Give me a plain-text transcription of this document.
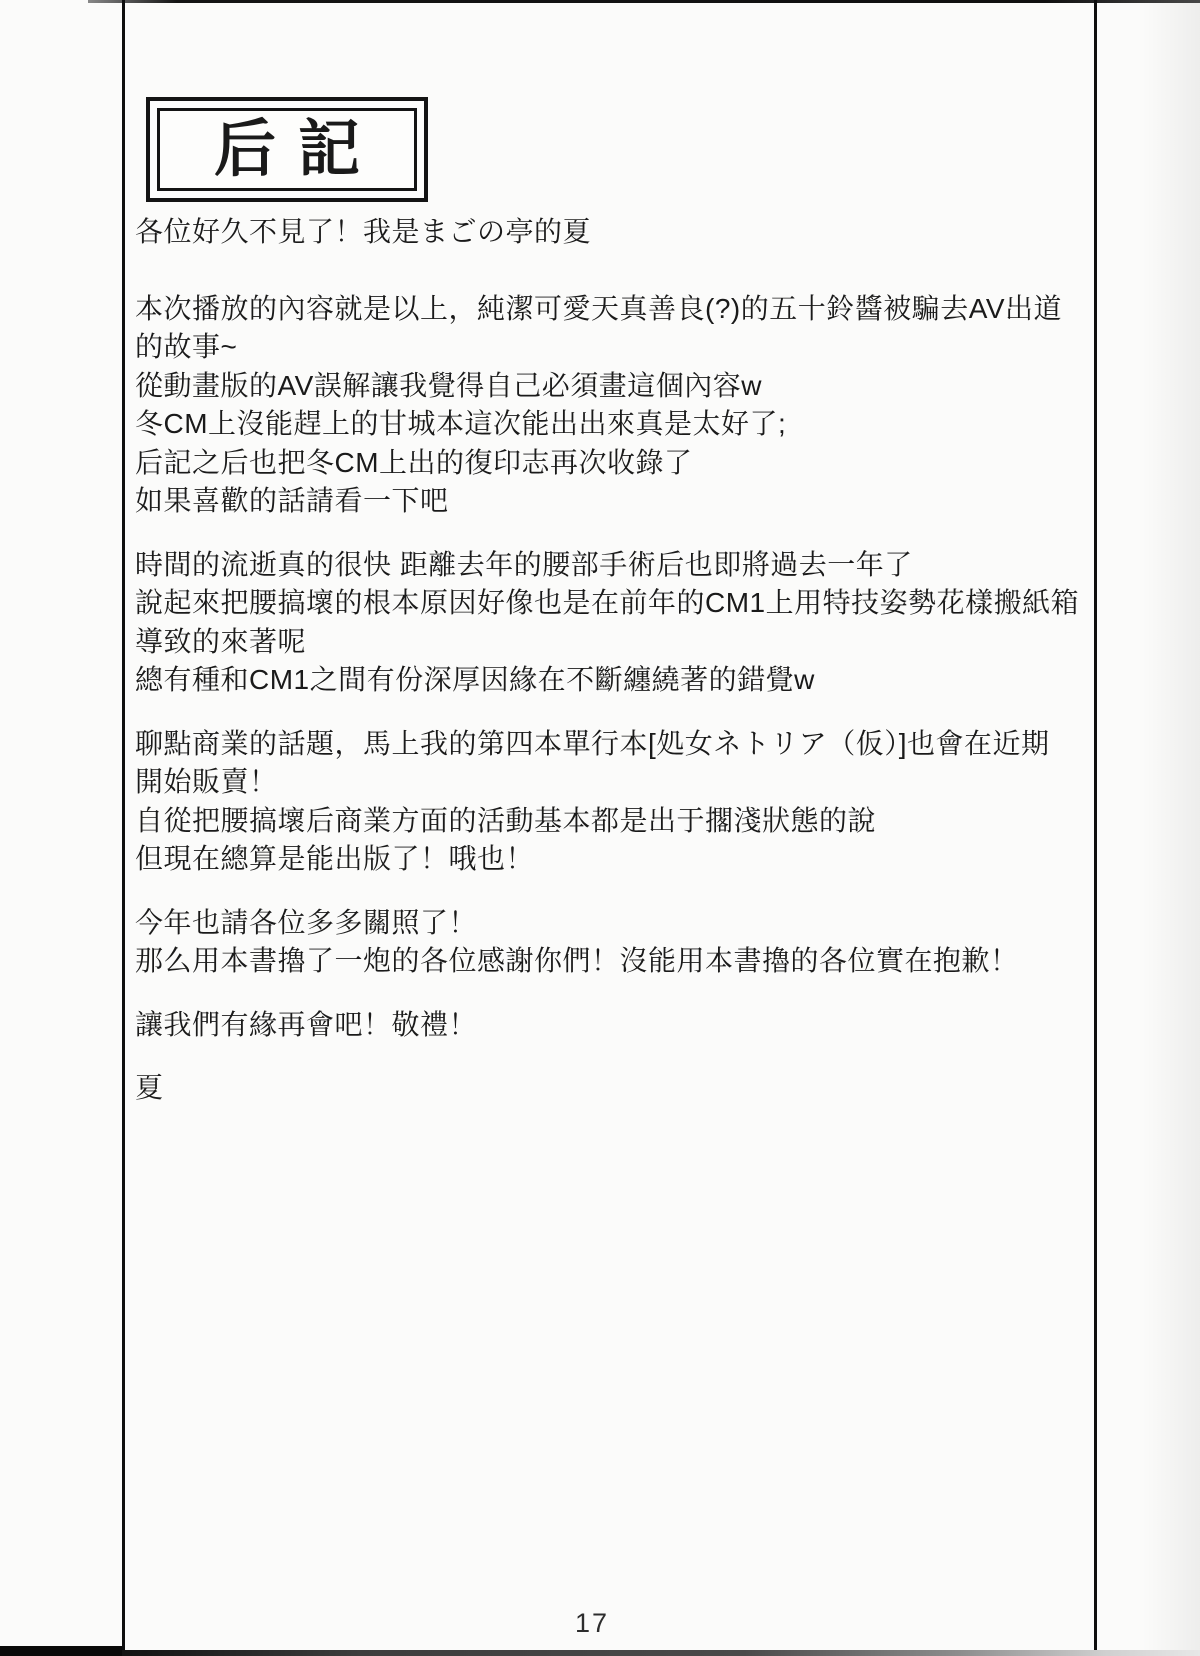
后記
各位好久不見了！我是まごの亭的夏
本次播放的內容就是以上，純潔可愛天真善良(?)的五十鈴醬被騙去AV出道
的故事~
從動畫版的AV誤解讓我覺得自己必須畫這個內容w
冬CM上沒能趕上的甘城本這次能出出來真是太好了;
后記之后也把冬CM上出的復印志再次收錄了
如果喜歡的話請看一下吧
時間的流逝真的很快 距離去年的腰部手術后也即將過去一年了
說起來把腰搞壞的根本原因好像也是在前年的CM1上用特技姿勢花樣搬紙箱
導致的來著呢
總有種和CM1之間有份深厚因緣在不斷纏繞著的錯覺w
聊點商業的話題，馬上我的第四本單行本[処女ネトリア（仮）]也會在近期
開始販賣！
自從把腰搞壞后商業方面的活動基本都是出于擱淺狀態的說
但現在總算是能出版了！哦也！
今年也請各位多多關照了！
那么用本書擼了一炮的各位感謝你們！沒能用本書擼的各位實在抱歉！
讓我們有緣再會吧！敬禮！
夏
17
